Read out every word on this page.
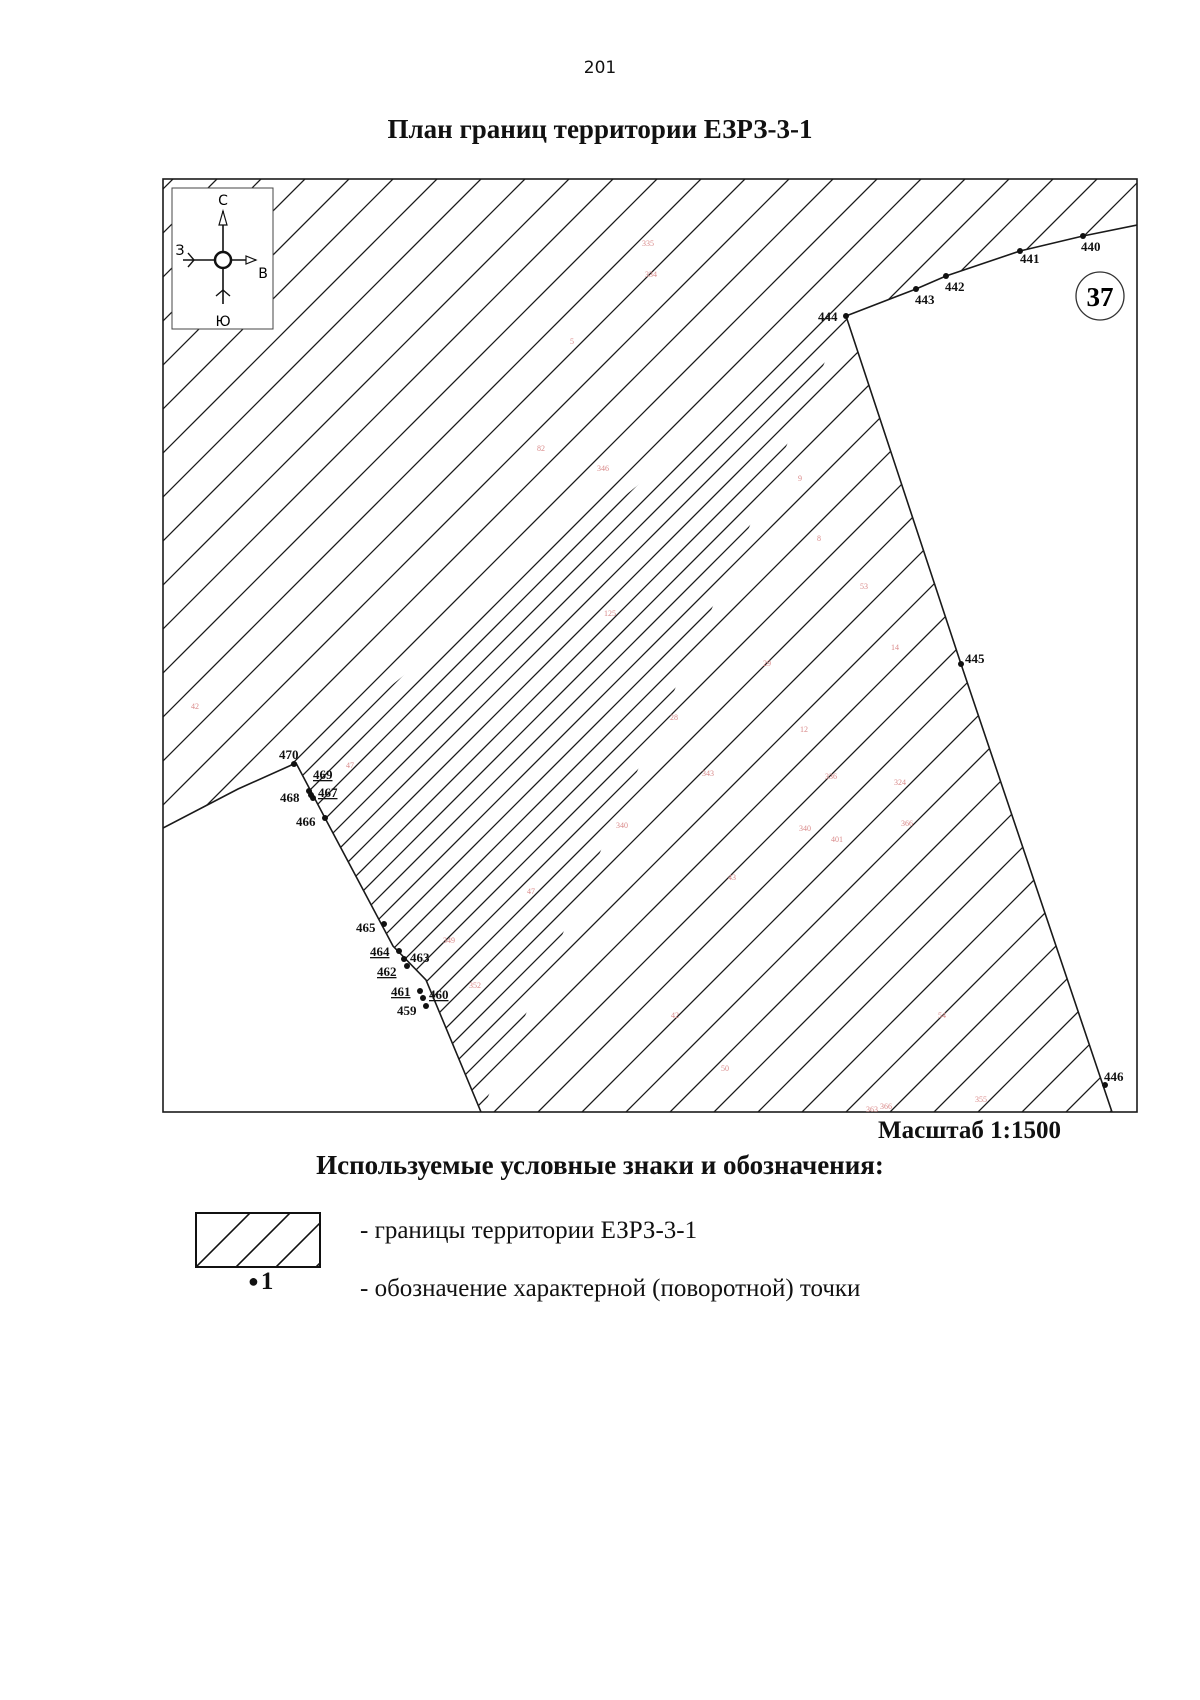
201
План границ территории ЕЗРЗ-3-1
335
334
5
82
346
9
8
53
125
14
29
42
28
12
47
343	336
324
340	340
401
366
43
47
349
352
42
50
54
363 366
355
С
Ю
З
В
37
440
441
442
443
444
445
446
459
460
461
462
463
464
465
466
467
468
469
470
Масштаб 1:1500
Используемые условные знаки и обозначения:
- границы территории ЕЗРЗ-3-1
●1	- обозначение характерной (поворотной) точки
